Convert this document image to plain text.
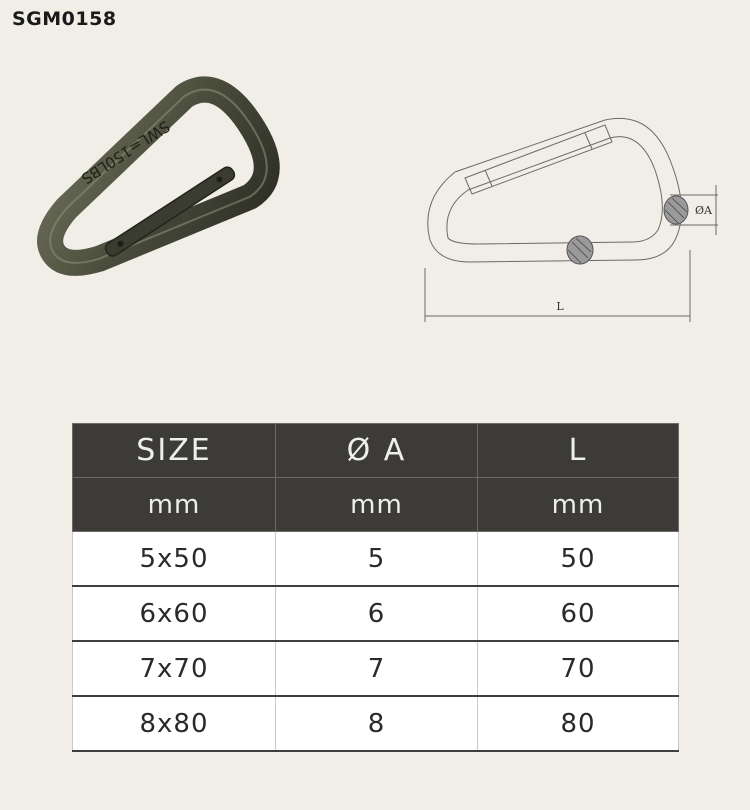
SGM0158
SWL=150LBS
ØA
L
SIZE	Ø A	L
mm	mm	mm
5x50	5	50
6x60	6	60
7x70	7	70
8x80	8	80
